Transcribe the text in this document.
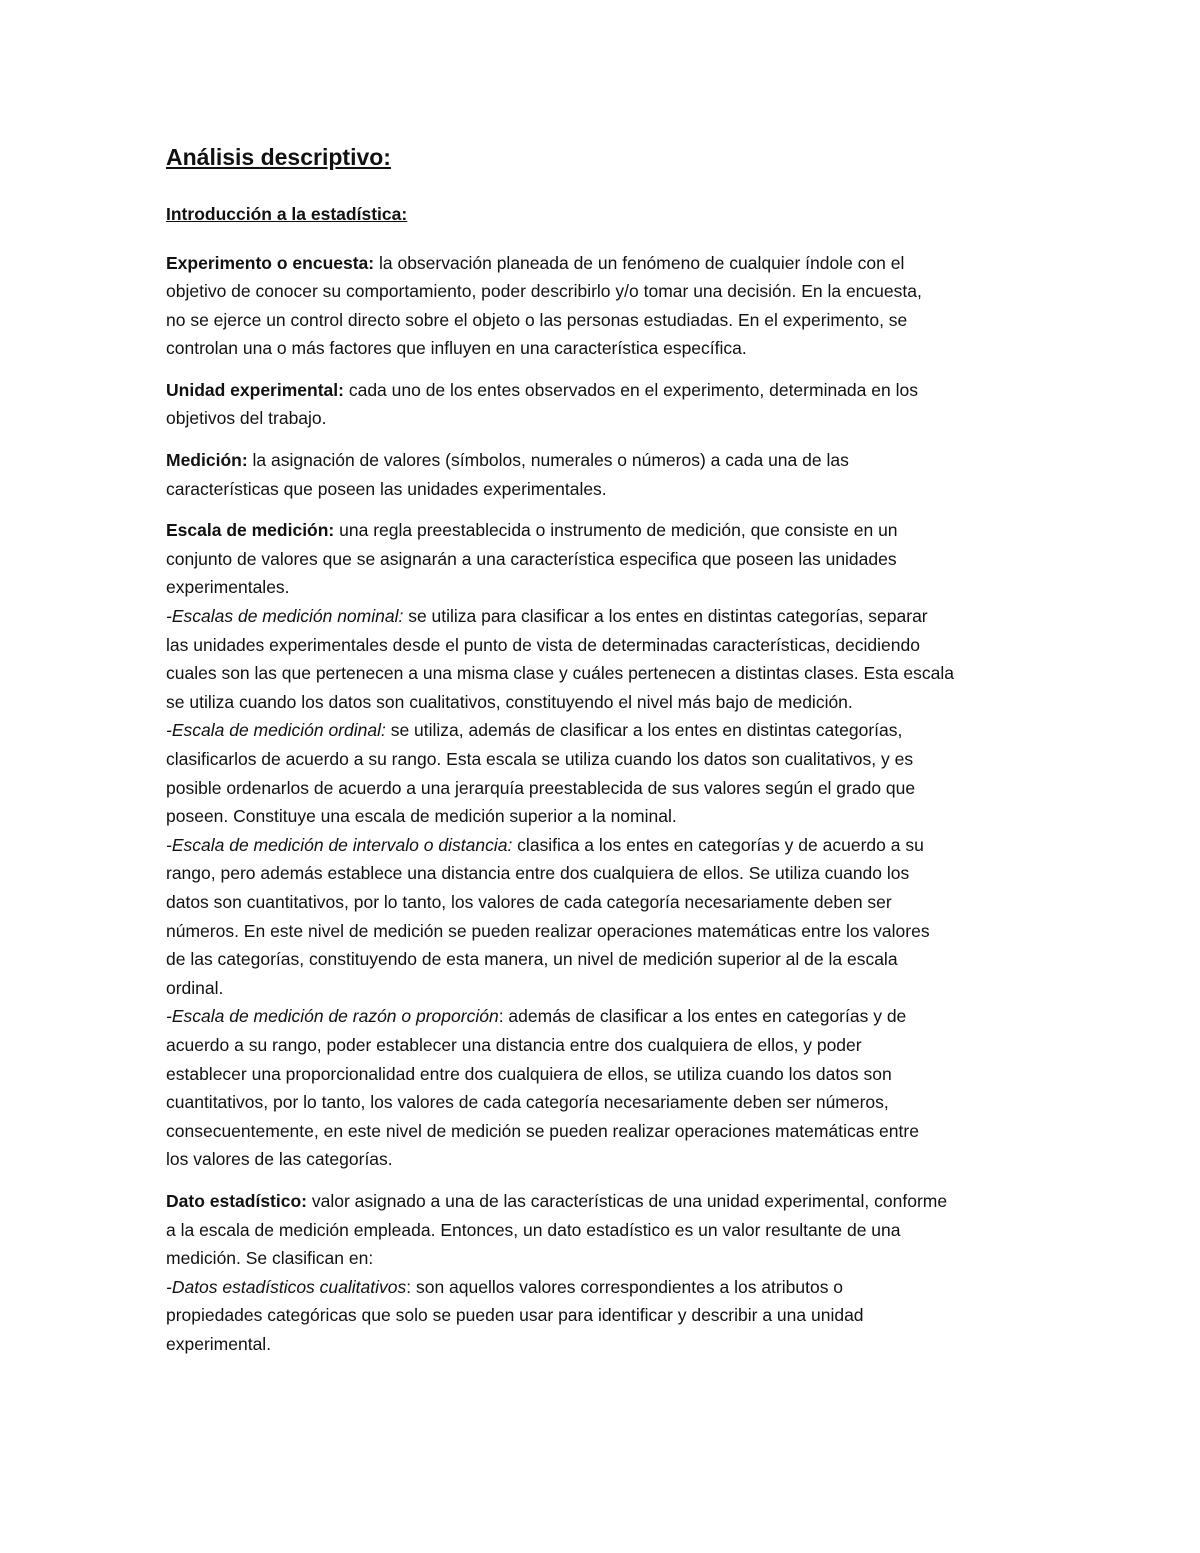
Análisis descriptivo:
Introducción a la estadística:
Experimento o encuesta: la observación planeada de un fenómeno de cualquier índole con el
objetivo de conocer su comportamiento, poder describirlo y/o tomar una decisión. En la encuesta,
no se ejerce un control directo sobre el objeto o las personas estudiadas. En el experimento, se
controlan una o más factores que influyen en una característica específica.
Unidad experimental: cada uno de los entes observados en el experimento, determinada en los
objetivos del trabajo.
Medición: la asignación de valores (símbolos, numerales o números) a cada una de las
características que poseen las unidades experimentales.
Escala de medición: una regla preestablecida o instrumento de medición, que consiste en un
conjunto de valores que se asignarán a una característica especifica que poseen las unidades
experimentales.
-Escalas de medición nominal: se utiliza para clasificar a los entes en distintas categorías, separar
las unidades experimentales desde el punto de vista de determinadas características, decidiendo
cuales son las que pertenecen a una misma clase y cuáles pertenecen a distintas clases. Esta escala
se utiliza cuando los datos son cualitativos, constituyendo el nivel más bajo de medición.
-Escala de medición ordinal: se utiliza, además de clasificar a los entes en distintas categorías,
clasificarlos de acuerdo a su rango. Esta escala se utiliza cuando los datos son cualitativos, y es
posible ordenarlos de acuerdo a una jerarquía preestablecida de sus valores según el grado que
poseen. Constituye una escala de medición superior a la nominal.
-Escala de medición de intervalo o distancia: clasifica a los entes en categorías y de acuerdo a su
rango, pero además establece una distancia entre dos cualquiera de ellos. Se utiliza cuando los
datos son cuantitativos, por lo tanto, los valores de cada categoría necesariamente deben ser
números. En este nivel de medición se pueden realizar operaciones matemáticas entre los valores
de las categorías, constituyendo de esta manera, un nivel de medición superior al de la escala
ordinal.
-Escala de medición de razón o proporción: además de clasificar a los entes en categorías y de
acuerdo a su rango, poder establecer una distancia entre dos cualquiera de ellos, y poder
establecer una proporcionalidad entre dos cualquiera de ellos, se utiliza cuando los datos son
cuantitativos, por lo tanto, los valores de cada categoría necesariamente deben ser números,
consecuentemente, en este nivel de medición se pueden realizar operaciones matemáticas entre
los valores de las categorías.
Dato estadístico: valor asignado a una de las características de una unidad experimental, conforme
a la escala de medición empleada. Entonces, un dato estadístico es un valor resultante de una
medición. Se clasifican en:
-Datos estadísticos cualitativos: son aquellos valores correspondientes a los atributos o
propiedades categóricas que solo se pueden usar para identificar y describir a una unidad
experimental.
